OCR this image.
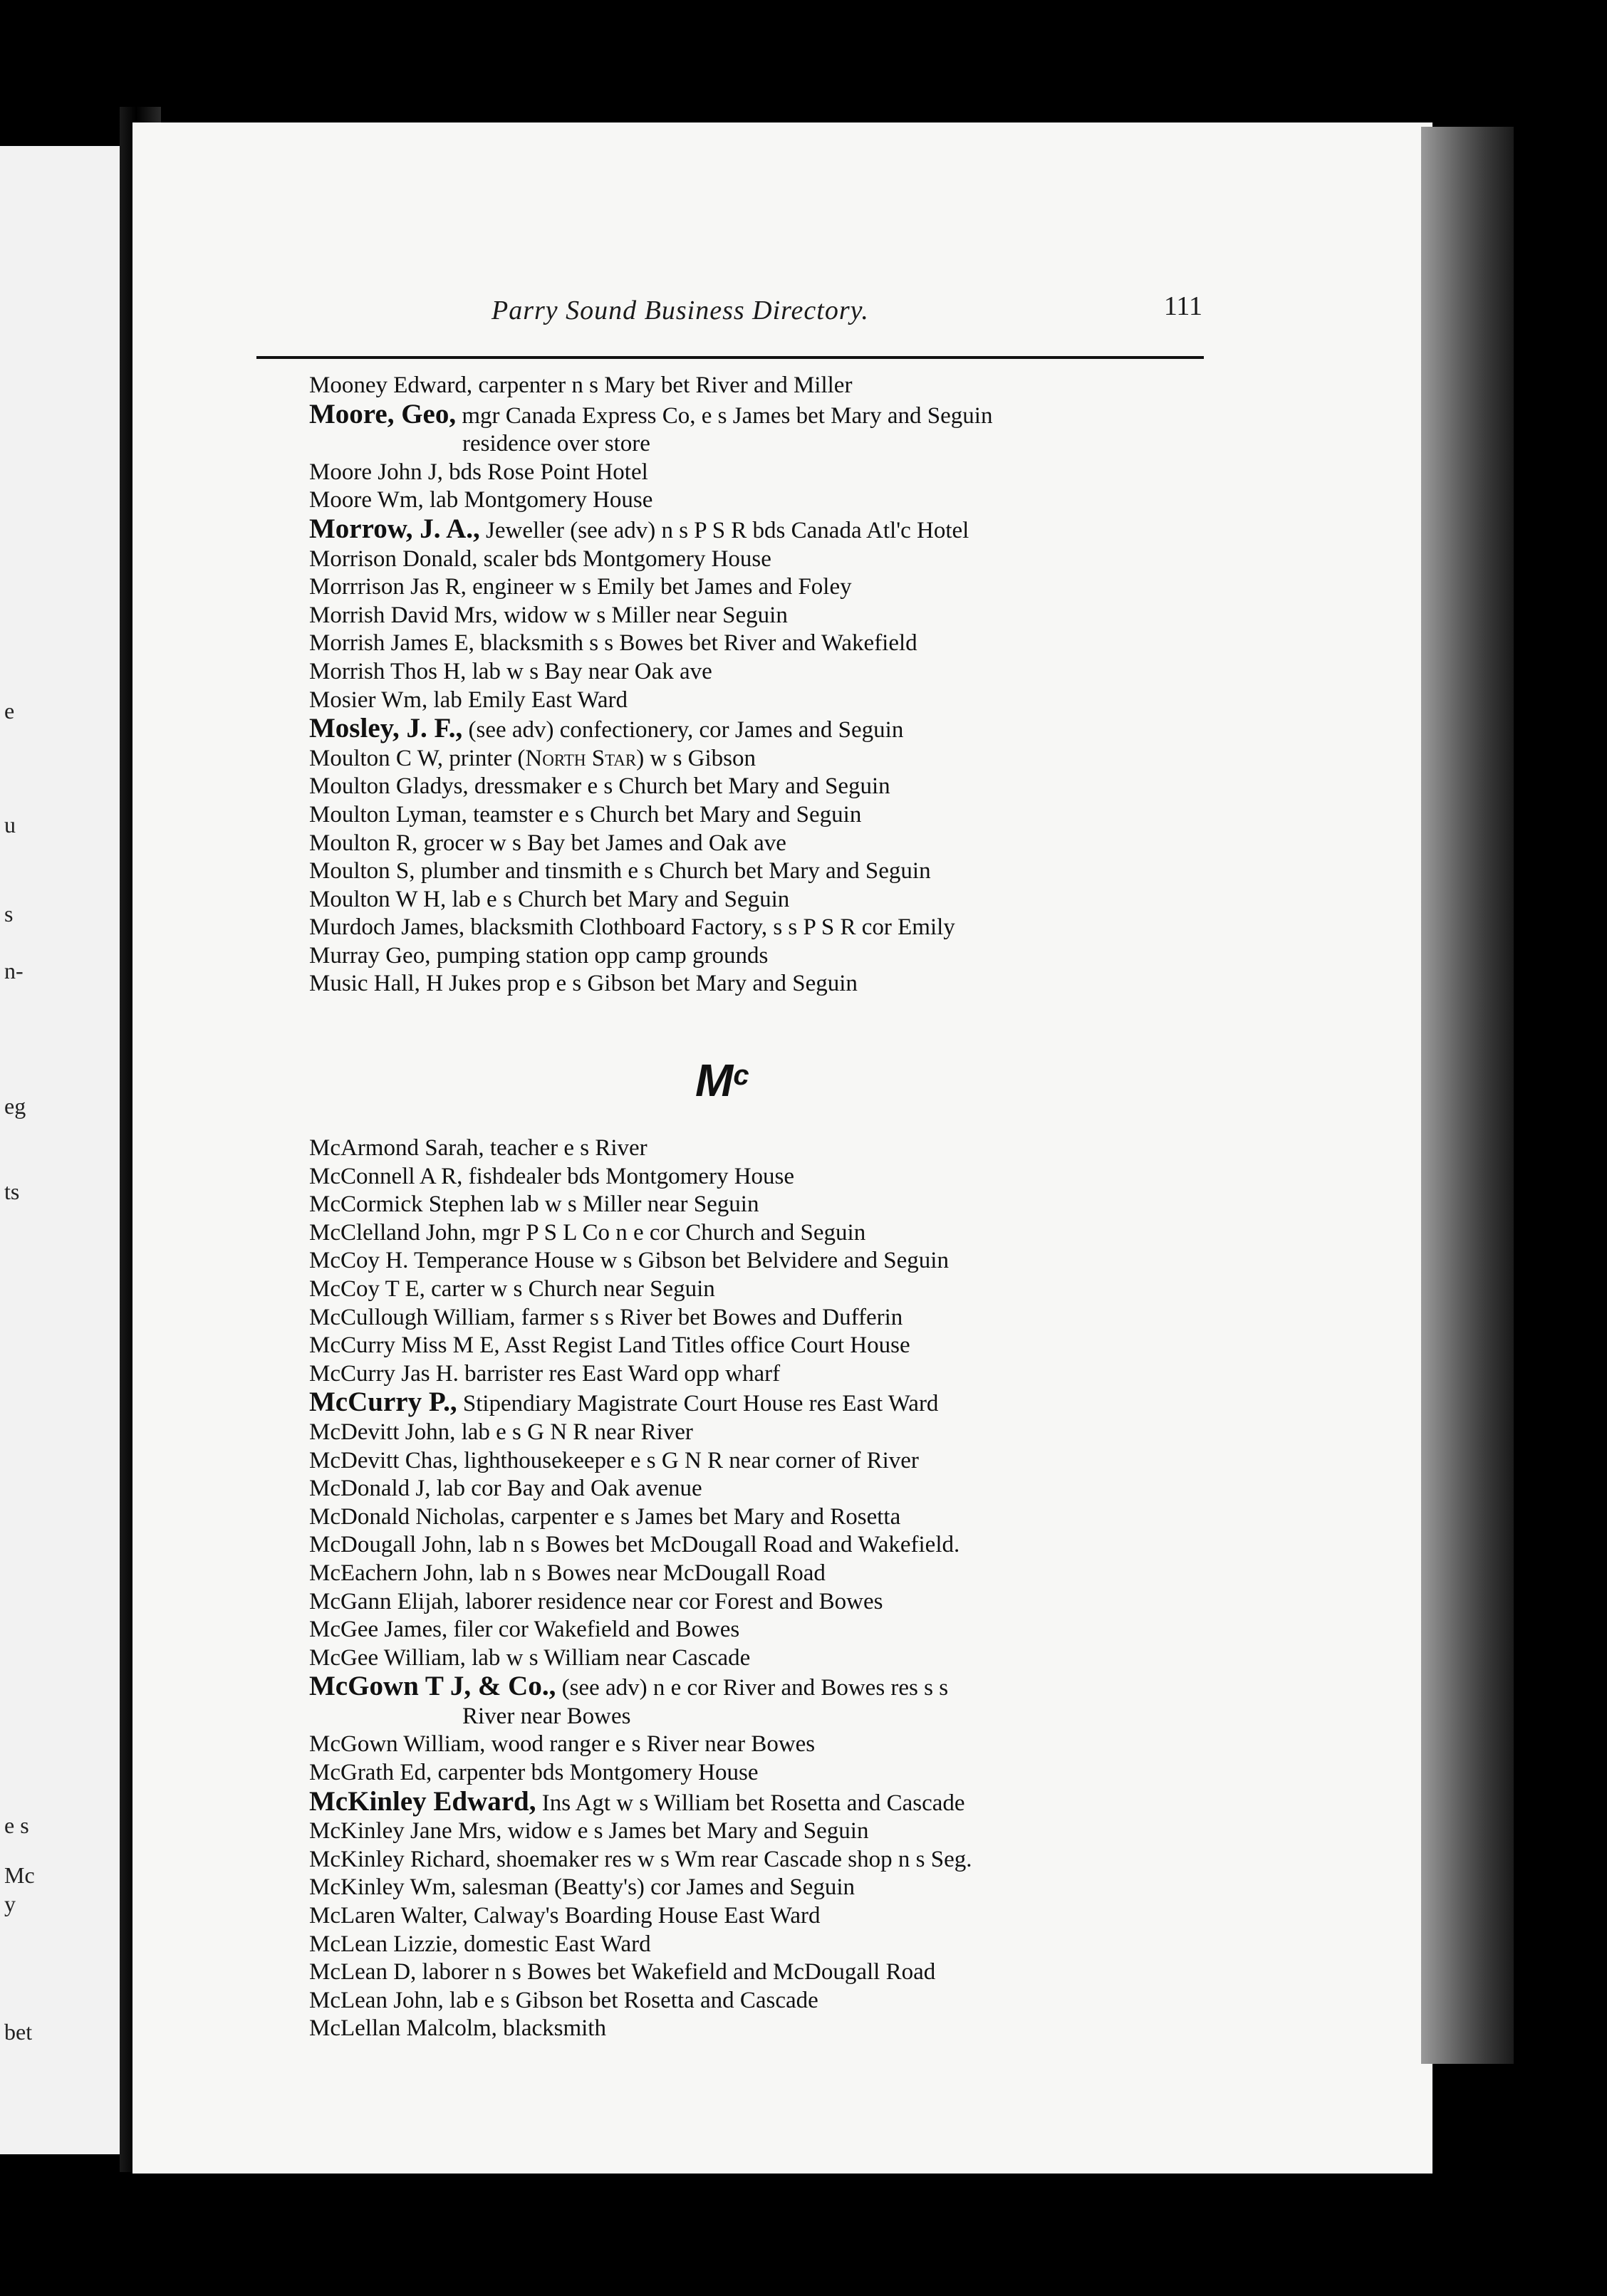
e
u
s
n-
eg
ts
e s
Mc
y
bet
Parry Sound Business Directory.	111
Mooney Edward, carpenter n s Mary bet River and Miller
Moore, Geo, mgr Canada Express Co, e s James bet Mary and Seguin
residence over store
Moore John J, bds Rose Point Hotel
Moore Wm, lab Montgomery House
Morrow, J. A., Jeweller (see adv) n s P S R bds Canada Atl'c Hotel
Morrison Donald, scaler bds Montgomery House
Morrrison Jas R, engineer w s Emily bet James and Foley
Morrish David Mrs, widow w s Miller near Seguin
Morrish James E, blacksmith s s Bowes bet River and Wakefield
Morrish Thos H, lab w s Bay near Oak ave
Mosier Wm, lab Emily East Ward
Mosley, J. F., (see adv) confectionery, cor James and Seguin
Moulton C W, printer (North Star) w s Gibson
Moulton Gladys, dressmaker e s Church bet Mary and Seguin
Moulton Lyman, teamster e s Church bet Mary and Seguin
Moulton R, grocer w s Bay bet James and Oak ave
Moulton S, plumber and tinsmith e s Church bet Mary and Seguin
Moulton W H, lab e s Church bet Mary and Seguin
Murdoch James, blacksmith Clothboard Factory, s s P S R cor Emily
Murray Geo, pumping station opp camp grounds
Music Hall, H Jukes prop e s Gibson bet Mary and Seguin
$M^c$
McArmond Sarah, teacher e s River
McConnell A R, fishdealer bds Montgomery House
McCormick Stephen lab w s Miller near Seguin
McClelland John, mgr P S L Co n e cor Church and Seguin
McCoy H. Temperance House w s Gibson bet Belvidere and Seguin
McCoy T E, carter w s Church near Seguin
McCullough William, farmer s s River bet Bowes and Dufferin
McCurry Miss M E, Asst Regist Land Titles office Court House
McCurry Jas H. barrister res East Ward opp wharf
McCurry P., Stipendiary Magistrate Court House res East Ward
McDevitt John, lab e s G N R near River
McDevitt Chas, lighthousekeeper e s G N R near corner of River
McDonald J, lab cor Bay and Oak avenue
McDonald Nicholas, carpenter e s James bet Mary and Rosetta
McDougall John, lab n s Bowes bet McDougall Road and Wakefield.
McEachern John, lab n s Bowes near McDougall Road
McGann Elijah, laborer residence near cor Forest and Bowes
McGee James, filer cor Wakefield and Bowes
McGee William, lab w s William near Cascade
McGown T J, & Co., (see adv) n e cor River and Bowes res s s
River near Bowes
McGown William, wood ranger e s River near Bowes
McGrath Ed, carpenter bds Montgomery House
McKinley Edward, Ins Agt w s William bet Rosetta and Cascade
McKinley Jane Mrs, widow e s James bet Mary and Seguin
McKinley Richard, shoemaker res w s Wm rear Cascade shop n s Seg.
McKinley Wm, salesman (Beatty's) cor James and Seguin
McLaren Walter, Calway's Boarding House East Ward
McLean Lizzie, domestic East Ward
McLean D, laborer n s Bowes bet Wakefield and McDougall Road
McLean John, lab e s Gibson bet Rosetta and Cascade
McLellan Malcolm, blacksmith
